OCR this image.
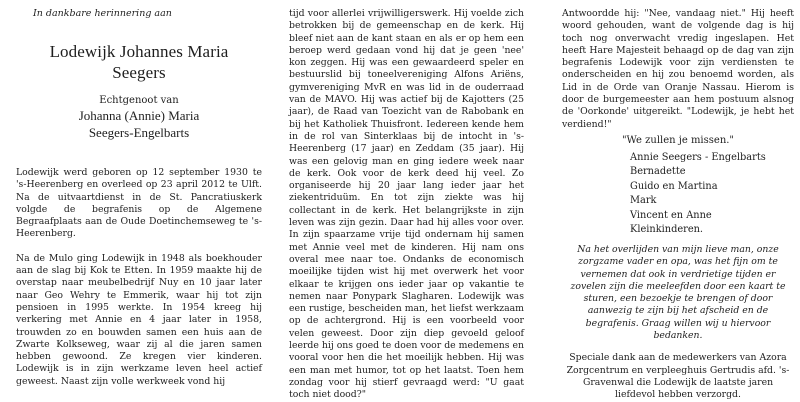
In dankbare herinnering aan

Lodewijk Johannes Maria
Seegers

Echtgenoot van

Johanna (Annie) Maria
Seegers-Engelbarts

Lodewijk werd geboren op 12 september 1930 te 's-Heerenberg en overleed op 23 april 2012 te Ulft. Na de uitvaartdienst in de St. Pancratiuskerk volgde de begrafenis op de Algemene Begraafplaats aan de Oude Doetinchemseweg te 's-Heerenberg.

Na de Mulo ging Lodewijk in 1948 als boekhouder aan de slag bij Kok te Etten. In 1959 maakte hij de overstap naar meubelbedrijf Nuy en 10 jaar later naar Geo Wehry te Emmerik, waar hij tot zijn pensioen in 1995 werkte. In 1954 kreeg hij verkering met Annie en 4 jaar later in 1958, trouwden zo en bouwden samen een huis aan de Zwarte Kolkseweg, waar zij al die jaren samen hebben gewoond. Ze kregen vier kinderen. Lodewijk is in zijn werkzame leven heel actief geweest. Naast zijn volle werkweek vond hij

tijd voor allerlei vrijwilligerswerk. Hij voelde zich betrokken bij de gemeenschap en de kerk. Hij bleef niet aan de kant staan en als er op hem een beroep werd gedaan vond hij dat je geen 'nee' kon zeggen. Hij was een gewaardeerd speler en bestuurslid bij toneelvereniging Alfons Ariëns, gymvereniging MvR en was lid in de ouderraad van de MAVO. Hij was actief bij de Kajotters (25 jaar), de Raad van Toezicht van de Rabobank en bij het Katholiek Thuisfront. Iedereen kende hem in de rol van Sinterklaas bij de intocht in 's-Heerenberg (17 jaar) en Zeddam (35 jaar). Hij was een gelovig man en ging iedere week naar de kerk. Ook voor de kerk deed hij veel. Zo organiseerde hij 20 jaar lang ieder jaar het ziekentriduüm. En tot zijn ziekte was hij collectant in de kerk. Het belangrijkste in zijn leven was zijn gezin. Daar had hij alles voor over. In zijn spaarzame vrije tijd ondernam hij samen met Annie veel met de kinderen. Hij nam ons overal mee naar toe. Ondanks de economisch moeilijke tijden wist hij met overwerk het voor elkaar te krijgen ons ieder jaar op vakantie te nemen naar Ponypark Slagharen. Lodewijk was een rustige, bescheiden man, het liefst werkzaam op de achtergrond. Hij is een voorbeeld voor velen geweest. Door zijn diep gevoeld geloof leerde hij ons goed te doen voor de medemens en vooral voor hen die het moeilijk hebben. Hij was een man met humor, tot op het laatst. Toen hem zondag voor hij stierf gevraagd werd: "U gaat toch niet dood?"

Antwoordde hij: "Nee, vandaag niet." Hij heeft woord gehouden, want de volgende dag is hij toch nog onverwacht vredig ingeslapen. Het heeft Hare Majesteit behaagd op de dag van zijn begrafenis Lodewijk voor zijn verdiensten te onderscheiden en hij zou benoemd worden, als Lid in de Orde van Oranje Nassau. Hierom is door de burgemeester aan hem postuum alsnog de 'Oorkonde' uitgereikt. "Lodewijk, je hebt het verdiend!"

"We zullen je missen."

Annie Seegers - Engelbarts
Bernadette
Guido en Martina
Mark
Vincent en Anne
Kleinkinderen.

Na het overlijden van mijn lieve man, onze zorgzame vader en opa, was het fijn om te vernemen dat ook in verdrietige tijden er zovelen zijn die meeleefden door een kaart te sturen, een bezoekje te brengen of door aanwezig te zijn bij het afscheid en de begrafenis. Graag willen wij u hiervoor bedanken.

Speciale dank aan de medewerkers van Azora Zorgcentrum en verpleeghuis Gertrudis afd. 's-Gravenwal die Lodewijk de laatste jaren liefdevol hebben verzorgd.
